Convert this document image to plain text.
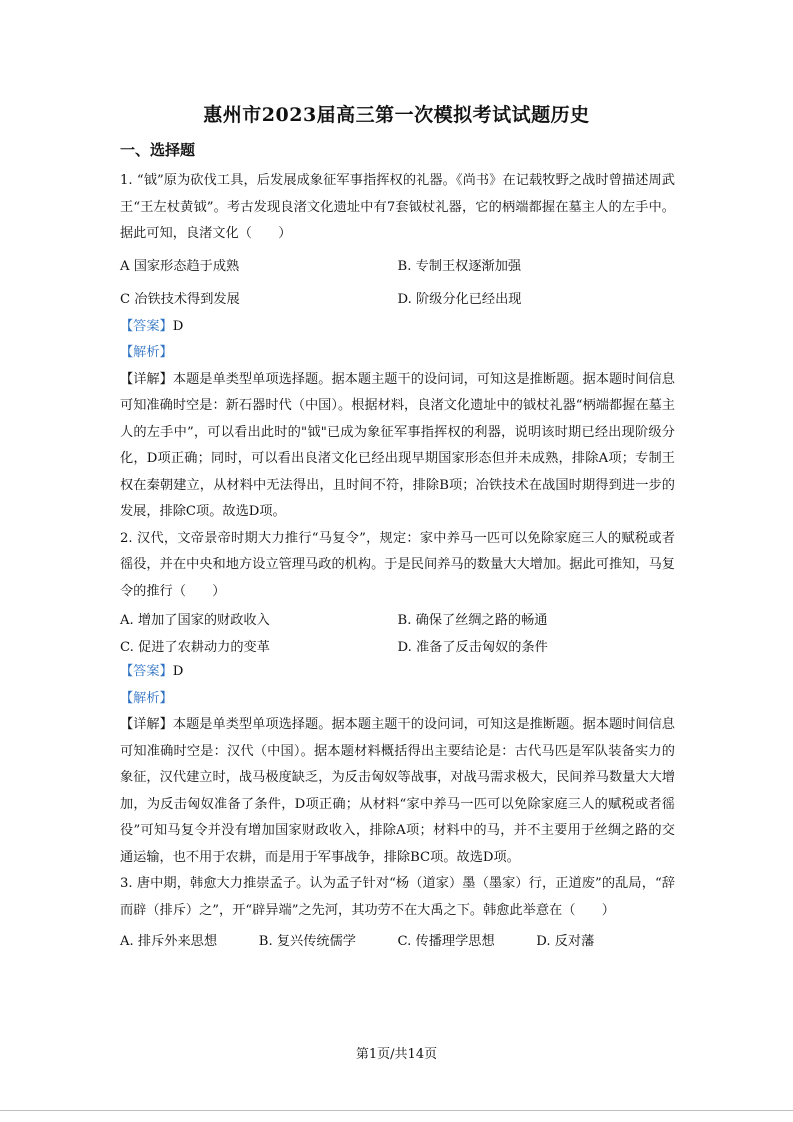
惠州市2023届高三第一次模拟考试试题历史
一、选择题

1. “钺”原为砍伐工具，后发展成象征军事指挥权的礼器。《尚书》在记载牧野之战时曾描述周武王“王左杖黄钺”。考古发现良渚文化遗址中有7套钺杖礼器，它的柄端都握在墓主人的左手中。据此可知，良渚文化（　　）

A 国家形态趋于成熟	B. 专制王权逐渐加强
C 冶铁技术得到发展	D. 阶级分化已经出现
【答案】D
【解析】

【详解】本题是单类型单项选择题。据本题主题干的设问词，可知这是推断题。据本题时间信息可知准确时空是：新石器时代（中国）。根据材料，良渚文化遗址中的钺杖礼器“柄端都握在墓主人的左手中”，可以看出此时的"钺"已成为象征军事指挥权的利器，说明该时期已经出现阶级分化，D项正确；同时，可以看出良渚文化已经出现早期国家形态但并未成熟，排除A项；专制王权在秦朝建立，从材料中无法得出，且时间不符，排除B项；冶铁技术在战国时期得到进一步的发展，排除C项。故选D项。

2. 汉代，文帝景帝时期大力推行“马复令”，规定：家中养马一匹可以免除家庭三人的赋税或者徭役，并在中央和地方设立管理马政的机构。于是民间养马的数量大大增加。据此可推知，马复令的推行（　　）

A. 增加了国家的财政收入	B. 确保了丝绸之路的畅通
C. 促进了农耕动力的变革	D. 准备了反击匈奴的条件
【答案】D
【解析】

【详解】本题是单类型单项选择题。据本题主题干的设问词，可知这是推断题。据本题时间信息可知准确时空是：汉代（中国）。据本题材料概括得出主要结论是：古代马匹是军队装备实力的象征，汉代建立时，战马极度缺乏，为反击匈奴等战事，对战马需求极大，民间养马数量大大增加，为反击匈奴准备了条件，D项正确；从材料“家中养马一匹可以免除家庭三人的赋税或者徭役”可知马复令并没有增加国家财政收入，排除A项；材料中的马，并不主要用于丝绸之路的交通运输，也不用于农耕，而是用于军事战争，排除BC项。故选D项。

3. 唐中期，韩愈大力推崇孟子。认为孟子针对“杨（道家）墨（墨家）行，正道废”的乱局，“辞而辟（排斥）之”，开“辟异端”之先河，其功劳不在大禹之下。韩愈此举意在（　　）

A. 排斥外来思想	B. 复兴传统儒学	C. 传播理学思想	D. 反对藩
第1页/共14页
